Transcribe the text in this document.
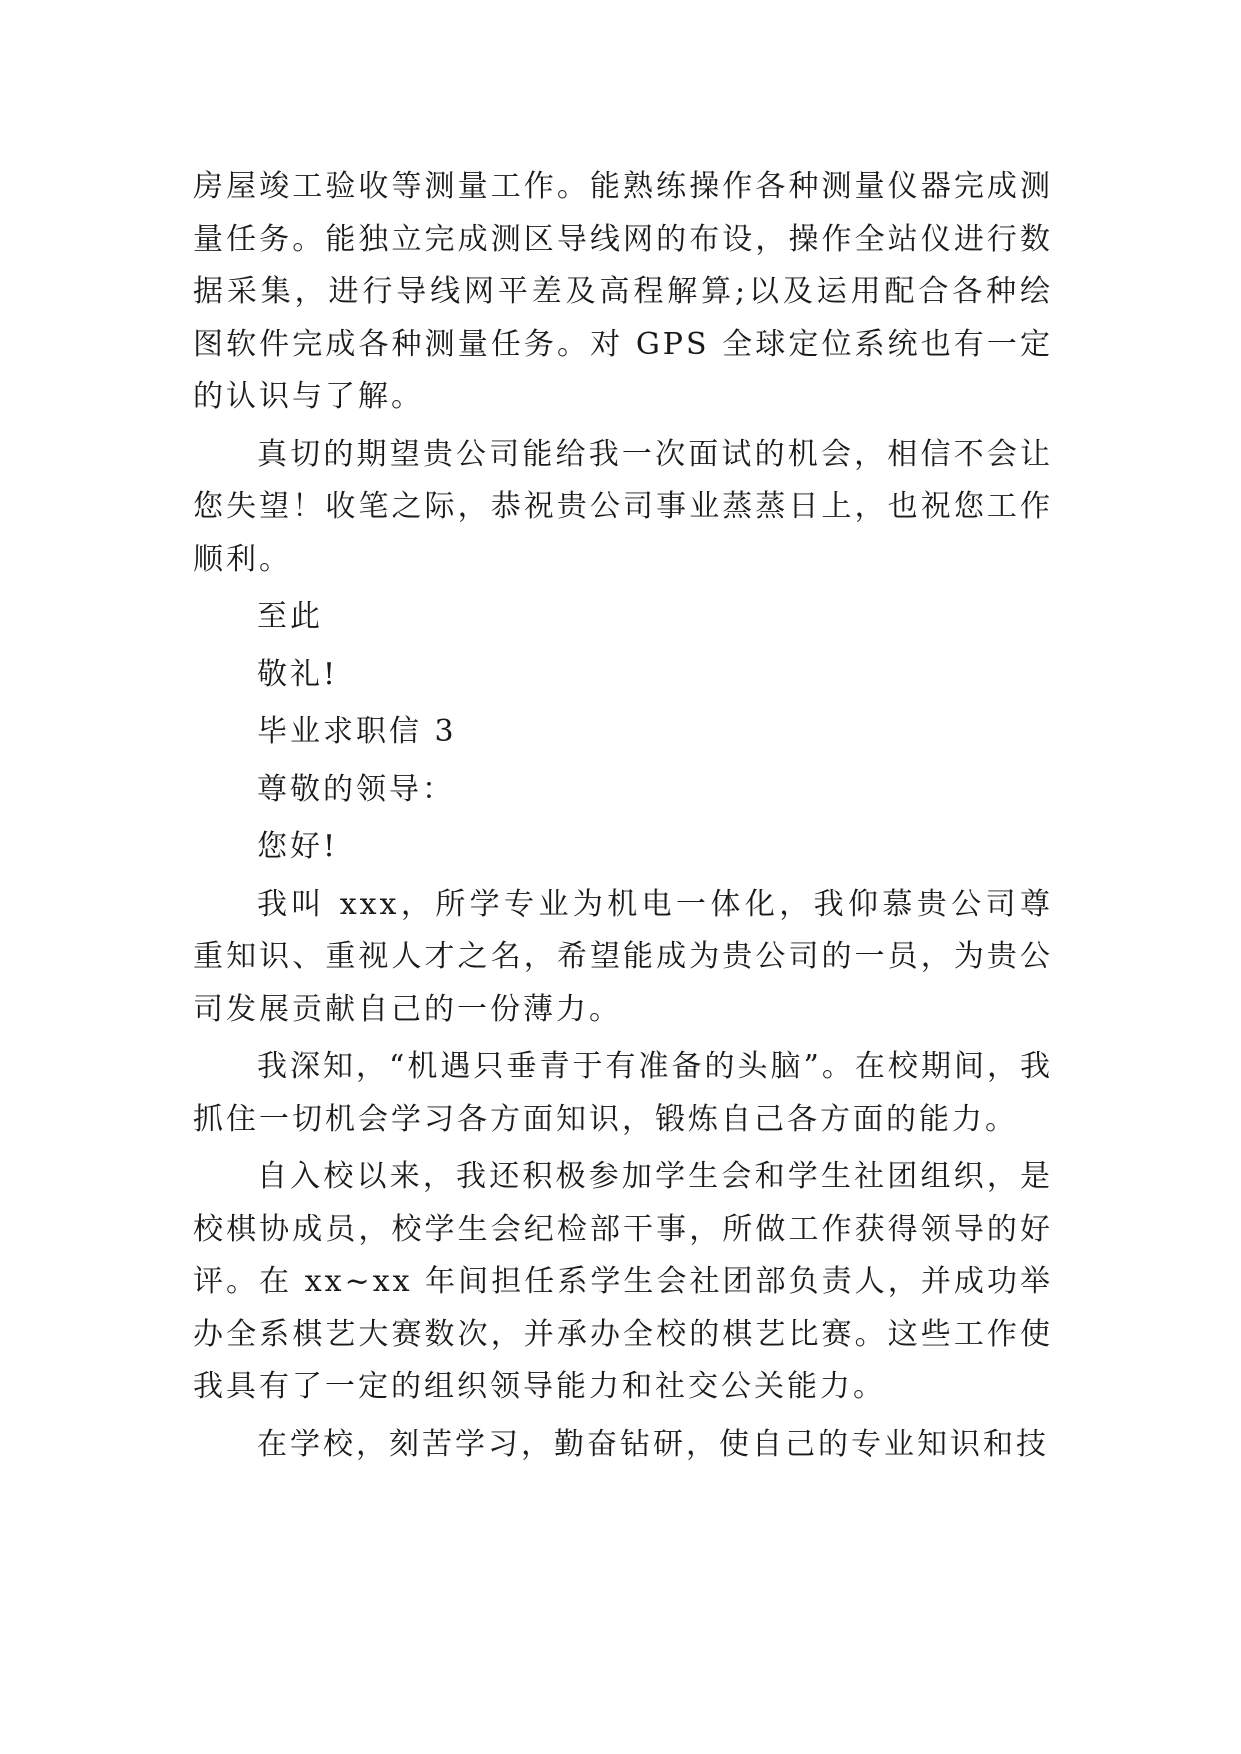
房屋竣工验收等测量工作。能熟练操作各种测量仪器完成测量任务。能独立完成测区导线网的布设，操作全站仪进行数据采集，进行导线网平差及高程解算;以及运用配合各种绘图软件完成各种测量任务。对 GPS 全球定位系统也有一定的认识与了解。

真切的期望贵公司能给我一次面试的机会，相信不会让您失望！收笔之际，恭祝贵公司事业蒸蒸日上，也祝您工作顺利。

至此

敬礼!

毕业求职信 3

尊敬的领导：

您好!

我叫 xxx，所学专业为机电一体化，我仰慕贵公司尊重知识、重视人才之名，希望能成为贵公司的一员，为贵公司发展贡献自己的一份薄力。

我深知，“机遇只垂青于有准备的头脑”。在校期间，我抓住一切机会学习各方面知识，锻炼自己各方面的能力。

自入校以来，我还积极参加学生会和学生社团组织，是校棋协成员，校学生会纪检部干事，所做工作获得领导的好评。在 xx~xx 年间担任系学生会社团部负责人，并成功举办全系棋艺大赛数次，并承办全校的棋艺比赛。这些工作使我具有了一定的组织领导能力和社交公关能力。

在学校，刻苦学习，勤奋钻研，使自己的专业知识和技
